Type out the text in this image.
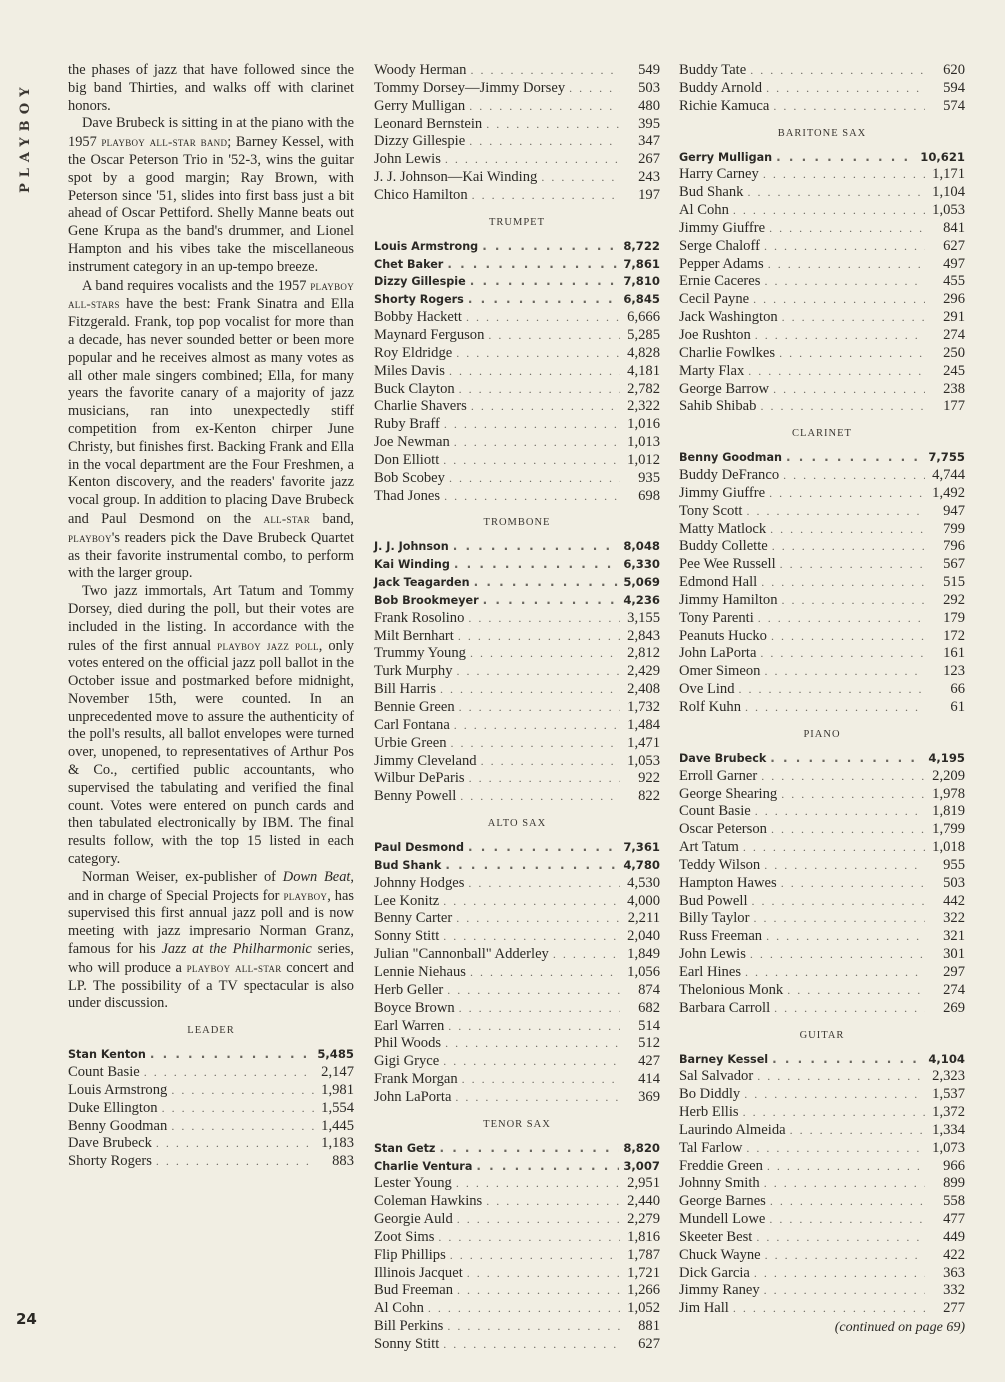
PLAYBOY
24

the phases of jazz that have followed since the big band Thirties, and walks off with clarinet honors.

Dave Brubeck is sitting in at the piano with the 1957 playboy all-star band; Barney Kessel, with the Oscar Peterson Trio in '52-3, wins the guitar spot by a good margin; Ray Brown, with Peterson since '51, slides into first bass just a bit ahead of Oscar Pettiford. Shelly Manne beats out Gene Krupa as the band's drummer, and Lionel Hampton and his vibes take the miscellaneous instrument category in an up-tempo breeze.

A band requires vocalists and the 1957 playboy all-stars have the best: Frank Sinatra and Ella Fitzgerald. Frank, top pop vocalist for more than a decade, has never sounded better or been more popular and he receives almost as many votes as all other male singers combined; Ella, for many years the favorite canary of a majority of jazz musicians, ran into unexpectedly stiff competition from ex-Kenton chirper June Christy, but finishes first. Backing Frank and Ella in the vocal department are the Four Freshmen, a Kenton discovery, and the readers' favorite jazz vocal group. In addition to placing Dave Brubeck and Paul Desmond on the all-star band, playboy's readers pick the Dave Brubeck Quartet as their favorite instrumental combo, to perform with the larger group.

Two jazz immortals, Art Tatum and Tommy Dorsey, died during the poll, but their votes are included in the listing. In accordance with the rules of the first annual playboy jazz poll, only votes entered on the official jazz poll ballot in the October issue and postmarked before midnight, November 15th, were counted. In an unprecedented move to assure the authenticity of the poll's results, all ballot envelopes were turned over, unopened, to representatives of Arthur Pos & Co., certified public accountants, who supervised the tabulating and verified the final count. Votes were entered on punch cards and then tabulated electronically by IBM. The final results follow, with the top 15 listed in each category.

Norman Weiser, ex-publisher of Down Beat, and in charge of Special Projects for playboy, has supervised this first annual jazz poll and is now meeting with jazz impresario Norman Granz, famous for his Jazz at the Philharmonic series, who will produce a playboy all-star concert and LP. The possibility of a TV spectacular is also under discussion.

LEADER
Stan Kenton . . .	5,485
Count Basie . . .	2,147
Louis Armstrong . . .	1,981
Duke Ellington . . .	1,554
Benny Goodman . . .	1,445
Dave Brubeck . . .	1,183
Shorty Rogers . . .	883
Woody Herman . . .	549
Tommy Dorsey—Jimmy Dorsey . . .	503
Gerry Mulligan . . .	480
Leonard Bernstein . . .	395
Dizzy Gillespie . . .	347
John Lewis . . .	267
J. J. Johnson—Kai Winding . . .	243
Chico Hamilton . . .	197
TRUMPET
Louis Armstrong . . .	8,722
Chet Baker . . .	7,861
Dizzy Gillespie . . .	7,810
Shorty Rogers . . .	6,845
Bobby Hackett . . .	6,666
Maynard Ferguson . . .	5,285
Roy Eldridge . . .	4,828
Miles Davis . . .	4,181
Buck Clayton . . .	2,782
Charlie Shavers . . .	2,322
Ruby Braff . . .	1,016
Joe Newman . . .	1,013
Don Elliott . . .	1,012
Bob Scobey . . .	935
Thad Jones . . .	698
TROMBONE
J. J. Johnson . . .	8,048
Kai Winding . . .	6,330
Jack Teagarden . . .	5,069
Bob Brookmeyer . . .	4,236
Frank Rosolino . . .	3,155
Milt Bernhart . . .	2,843
Trummy Young . . .	2,812
Turk Murphy . . .	2,429
Bill Harris . . .	2,408
Bennie Green . . .	1,732
Carl Fontana . . .	1,484
Urbie Green . . .	1,471
Jimmy Cleveland . . .	1,053
Wilbur DeParis . . .	922
Benny Powell . . .	822
ALTO SAX
Paul Desmond . . .	7,361
Bud Shank . . .	4,780
Johnny Hodges . . .	4,530
Lee Konitz . . .	4,000
Benny Carter . . .	2,211
Sonny Stitt . . .	2,040
Julian "Cannonball" Adderley . . .	1,849
Lennie Niehaus . . .	1,056
Herb Geller . . .	874
Boyce Brown . . .	682
Earl Warren . . .	514
Phil Woods . . .	512
Gigi Gryce . . .	427
Frank Morgan . . .	414
John LaPorta . . .	369
TENOR SAX
Stan Getz . . .	8,820
Charlie Ventura . . .	3,007
Lester Young . . .	2,951
Coleman Hawkins . . .	2,440
Georgie Auld . . .	2,279
Zoot Sims . . .	1,816
Flip Phillips . . .	1,787
Illinois Jacquet . . .	1,721
Bud Freeman . . .	1,266
Al Cohn . . .	1,052
Bill Perkins . . .	881
Sonny Stitt . . .	627
Buddy Tate . . .	620
Buddy Arnold . . .	594
Richie Kamuca . . .	574
BARITONE SAX
Gerry Mulligan . . .	10,621
Harry Carney . . .	1,171
Bud Shank . . .	1,104
Al Cohn . . .	1,053
Jimmy Giuffre . . .	841
Serge Chaloff . . .	627
Pepper Adams . . .	497
Ernie Caceres . . .	455
Cecil Payne . . .	296
Jack Washington . . .	291
Joe Rushton . . .	274
Charlie Fowlkes . . .	250
Marty Flax . . .	245
George Barrow . . .	238
Sahib Shibab . . .	177
CLARINET
Benny Goodman . . .	7,755
Buddy DeFranco . . .	4,744
Jimmy Giuffre . . .	1,492
Tony Scott . . .	947
Matty Matlock . . .	799
Buddy Collette . . .	796
Pee Wee Russell . . .	567
Edmond Hall . . .	515
Jimmy Hamilton . . .	292
Tony Parenti . . .	179
Peanuts Hucko . . .	172
John LaPorta . . .	161
Omer Simeon . . .	123
Ove Lind . . .	66
Rolf Kuhn . . .	61
PIANO
Dave Brubeck . . .	4,195
Erroll Garner . . .	2,209
George Shearing . . .	1,978
Count Basie . . .	1,819
Oscar Peterson . . .	1,799
Art Tatum . . .	1,018
Teddy Wilson . . .	955
Hampton Hawes . . .	503
Bud Powell . . .	442
Billy Taylor . . .	322
Russ Freeman . . .	321
John Lewis . . .	301
Earl Hines . . .	297
Thelonious Monk . . .	274
Barbara Carroll . . .	269
GUITAR
Barney Kessel . . .	4,104
Sal Salvador . . .	2,323
Bo Diddly . . .	1,537
Herb Ellis . . .	1,372
Laurindo Almeida . . .	1,334
Tal Farlow . . .	1,073
Freddie Green . . .	966
Johnny Smith . . .	899
George Barnes . . .	558
Mundell Lowe . . .	477
Skeeter Best . . .	449
Chuck Wayne . . .	422
Dick Garcia . . .	363
Jimmy Raney . . .	332
Jim Hall . . .	277
(continued on page 69)
